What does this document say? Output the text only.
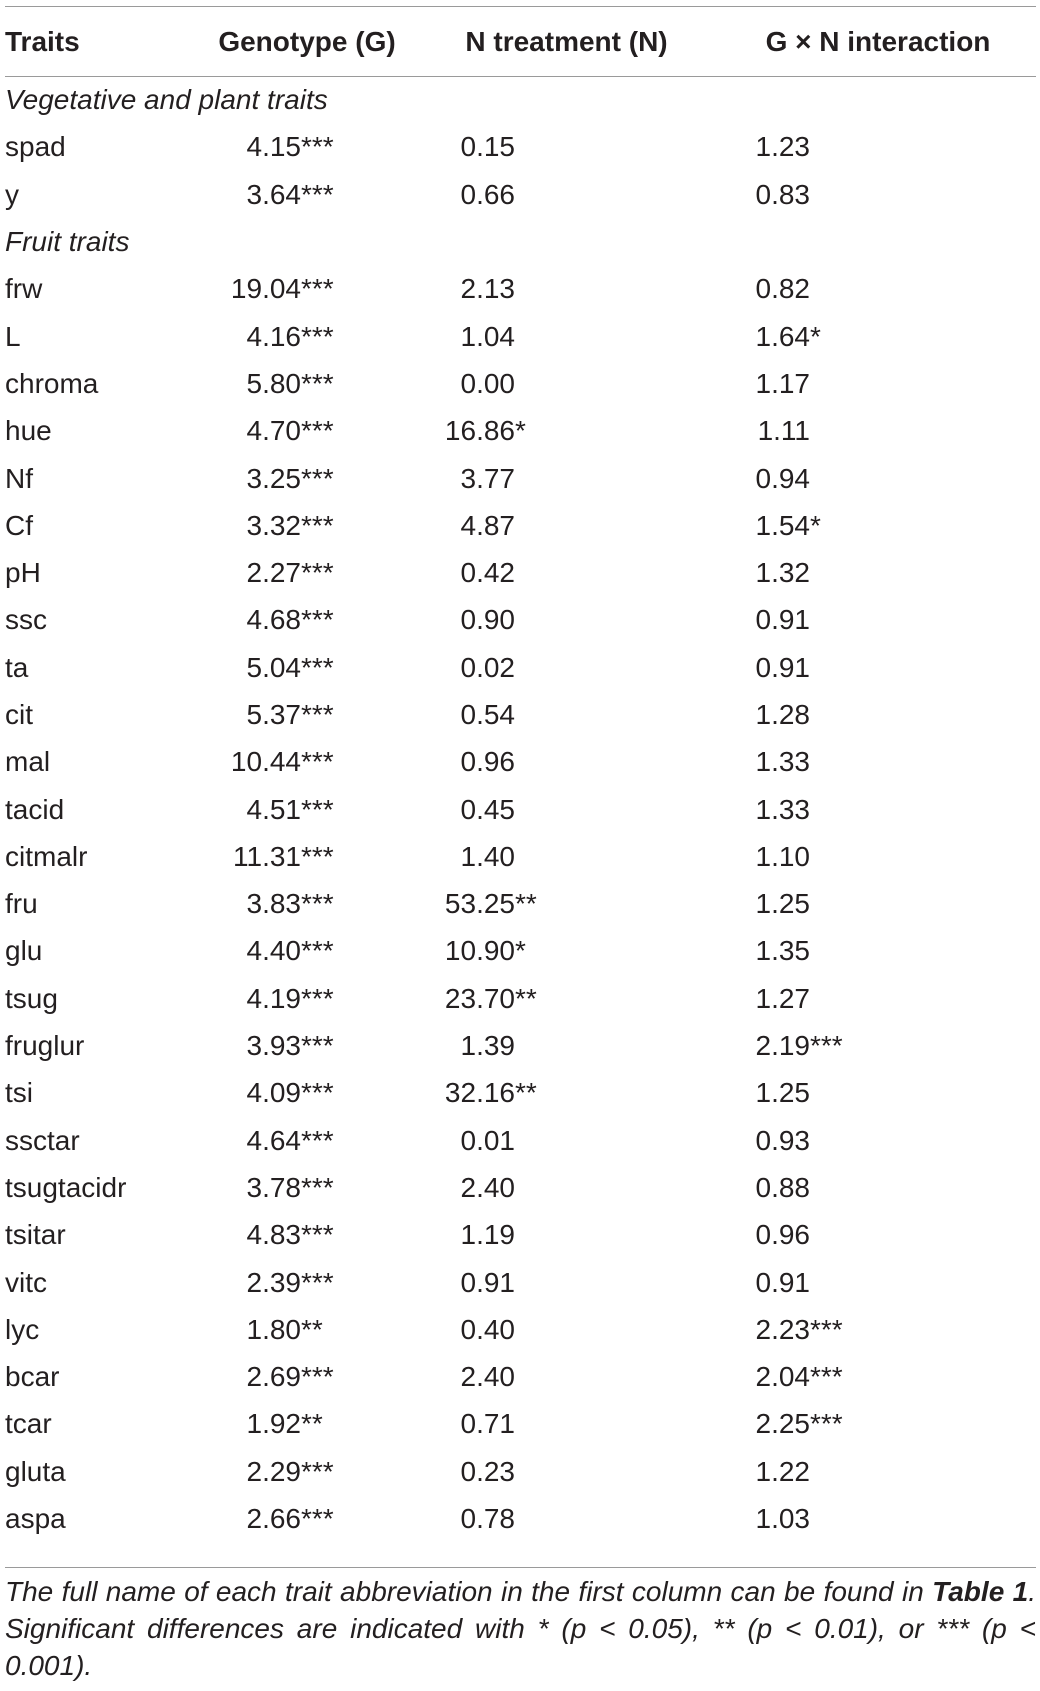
Traits	Genotype (G)	N treatment (N)	G × N interaction
Vegetative and plant traits			
spad	4.15***	0.15	1.23
y	3.64***	0.66	0.83
Fruit traits			
frw	19.04***	2.13	0.82
L	4.16***	1.04	1.64*
chroma	5.80***	0.00	1.17
hue	4.70***	16.86*	1.11
Nf	3.25***	3.77	0.94
Cf	3.32***	4.87	1.54*
pH	2.27***	0.42	1.32
ssc	4.68***	0.90	0.91
ta	5.04***	0.02	0.91
cit	5.37***	0.54	1.28
mal	10.44***	0.96	1.33
tacid	4.51***	0.45	1.33
citmalr	11.31***	1.40	1.10
fru	3.83***	53.25**	1.25
glu	4.40***	10.90*	1.35
tsug	4.19***	23.70**	1.27
fruglur	3.93***	1.39	2.19***
tsi	4.09***	32.16**	1.25
ssctar	4.64***	0.01	0.93
tsugtacidr	3.78***	2.40	0.88
tsitar	4.83***	1.19	0.96
vitc	2.39***	0.91	0.91
lyc	1.80**	0.40	2.23***
bcar	2.69***	2.40	2.04***
tcar	1.92**	0.71	2.25***
gluta	2.29***	0.23	1.22
aspa	2.66***	0.78	1.03
The full name of each trait abbreviation in the first column can be found in Table 1. Significant differences are indicated with * (p < 0.05), ** (p < 0.01), or *** (p < 0.001).
